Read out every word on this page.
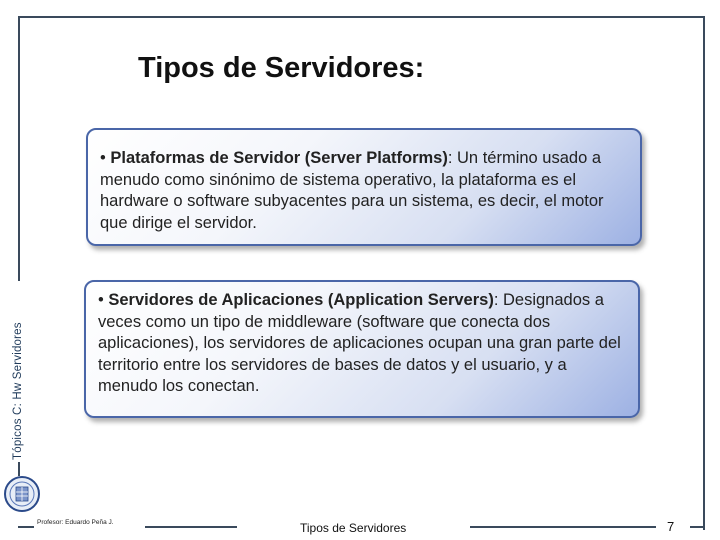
Tópicos C: Hw Servidores
Tipos de Servidores:
• Plataformas de Servidor (Server Platforms): Un término usado a menudo como sinónimo de sistema operativo, la plataforma es el hardware o software subyacentes para un sistema, es decir, el motor que dirige el servidor.
• Servidores de Aplicaciones (Application Servers): Designados a veces como un tipo de middleware (software que conecta dos aplicaciones), los servidores de aplicaciones ocupan una gran parte del territorio entre los servidores de bases de datos y el usuario, y a menudo los conectan.
Profesor: Eduardo Peña J.	Tipos de Servidores	7
